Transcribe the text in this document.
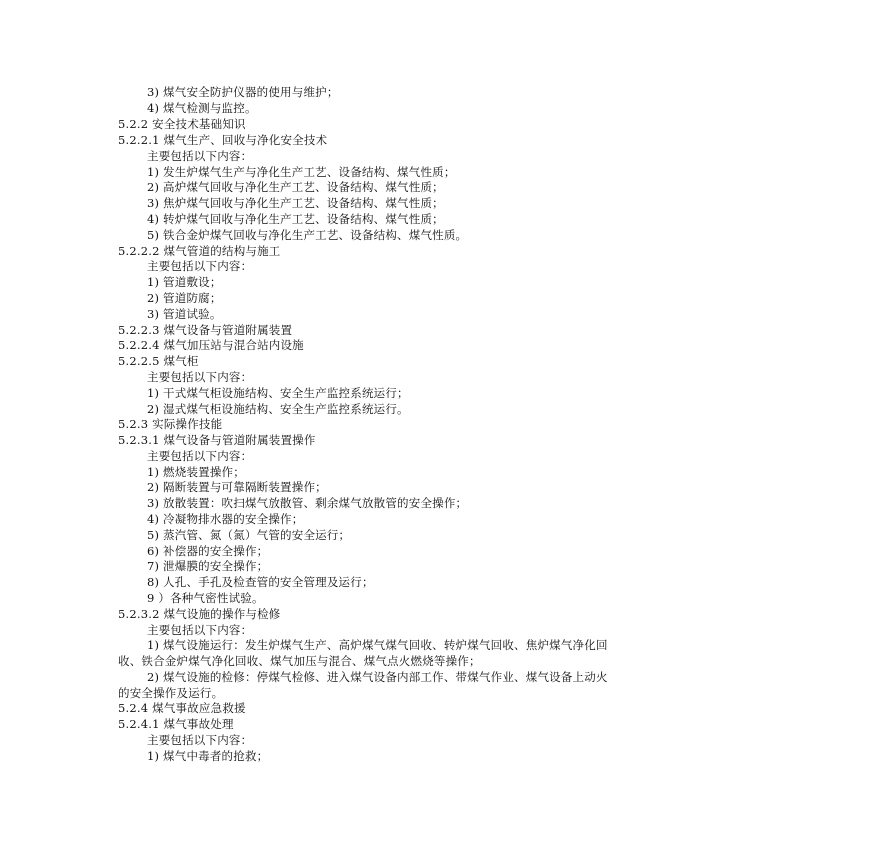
3) 煤气安全防护仪器的使用与维护；
4) 煤气检测与监控。
5.2.2 安全技术基础知识
5.2.2.1 煤气生产、回收与净化安全技术
主要包括以下内容：
1) 发生炉煤气生产与净化生产工艺、设备结构、煤气性质；
2) 高炉煤气回收与净化生产工艺、设备结构、煤气性质；
3) 焦炉煤气回收与净化生产工艺、设备结构、煤气性质；
4) 转炉煤气回收与净化生产工艺、设备结构、煤气性质；
5) 铁合金炉煤气回收与净化生产工艺、设备结构、煤气性质。
5.2.2.2 煤气管道的结构与施工
主要包括以下内容：
1) 管道敷设；
2) 管道防腐；
3) 管道试验。
5.2.2.3 煤气设备与管道附属装置
5.2.2.4 煤气加压站与混合站内设施
5.2.2.5 煤气柜
主要包括以下内容：
1) 干式煤气柜设施结构、安全生产监控系统运行；
2) 湿式煤气柜设施结构、安全生产监控系统运行。
5.2.3 实际操作技能
5.2.3.1 煤气设备与管道附属装置操作
主要包括以下内容：
1) 燃烧装置操作；
2) 隔断装置与可靠隔断装置操作；
3) 放散装置：吹扫煤气放散管、剩余煤气放散管的安全操作；
4) 冷凝物排水器的安全操作；
5) 蒸汽管、氮（氮）气管的安全运行；
6) 补偿器的安全操作；
7) 泄爆膜的安全操作；
8) 人孔、手孔及检查管的安全管理及运行；
9 ）各种气密性试验。
5.2.3.2 煤气设施的操作与检修
主要包括以下内容：
1) 煤气设施运行：发生炉煤气生产、高炉煤气煤气回收、转炉煤气回收、焦炉煤气净化回
收、铁合金炉煤气净化回收、煤气加压与混合、煤气点火燃烧等操作；
2) 煤气设施的检修：停煤气检修、进入煤气设备内部工作、带煤气作业、煤气设备上动火
的安全操作及运行。
5.2.4 煤气事故应急救援
5.2.4.1 煤气事故处理
主要包括以下内容：
1) 煤气中毒者的抢救；
